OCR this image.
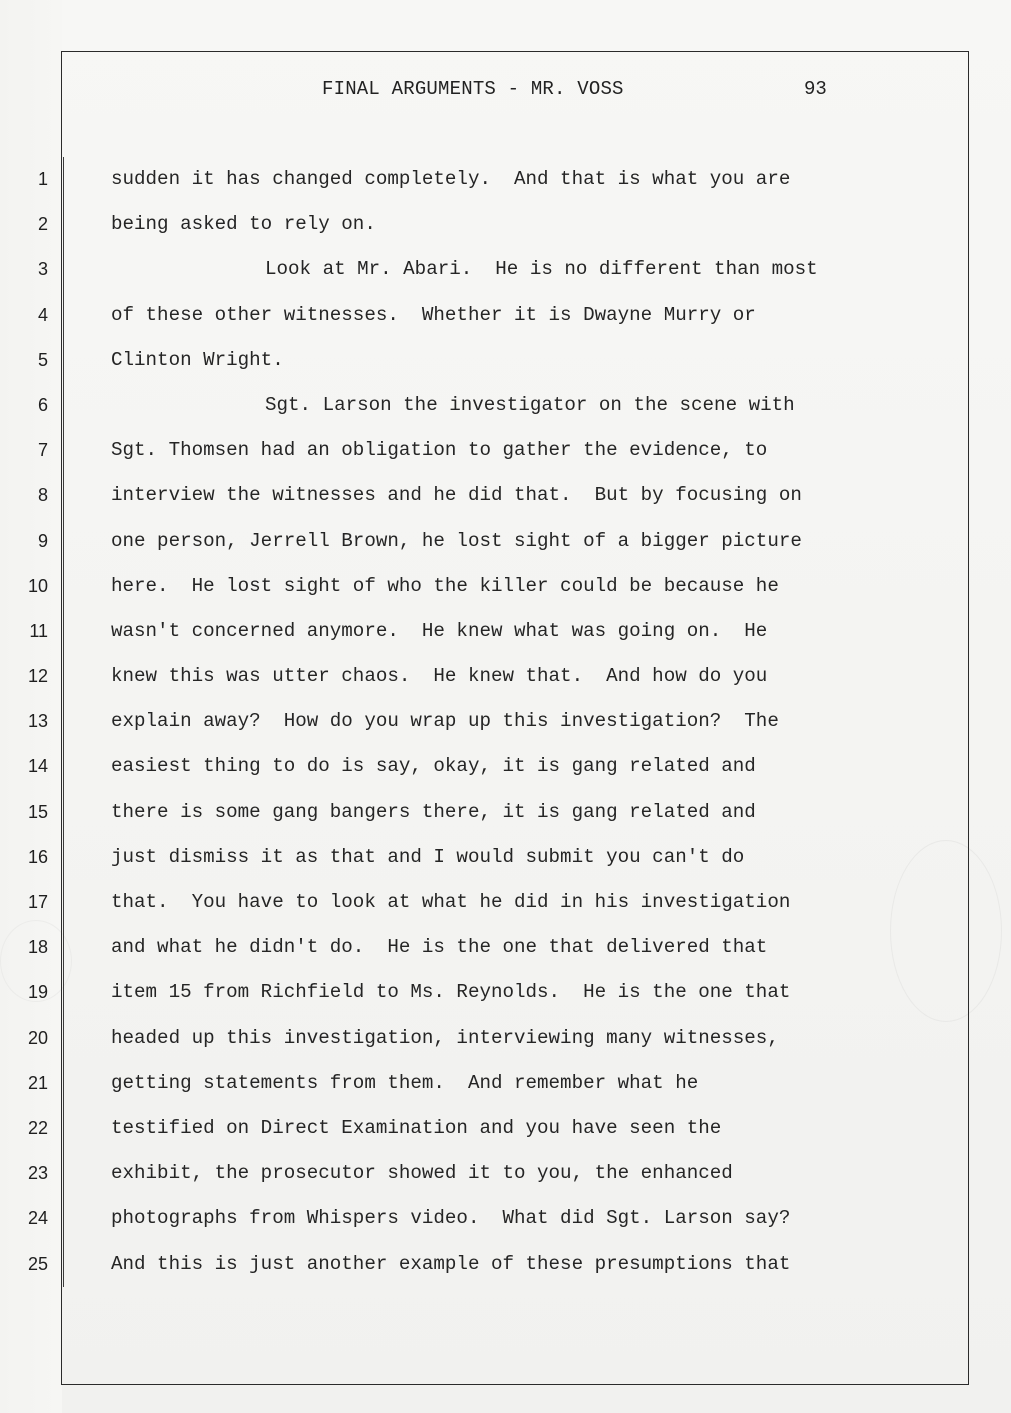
FINAL ARGUMENTS - MR. VOSS	93
1
2
3
4
5
6
7
8
9
10
11
12
13
14
15
16
17
18
19
20
21
22
23
24
25
sudden it has changed completely.  And that is what you are
being asked to rely on.
Look at Mr. Abari.  He is no different than most
of these other witnesses.  Whether it is Dwayne Murry or
Clinton Wright.
Sgt. Larson the investigator on the scene with
Sgt. Thomsen had an obligation to gather the evidence, to
interview the witnesses and he did that.  But by focusing on
one person, Jerrell Brown, he lost sight of a bigger picture
here.  He lost sight of who the killer could be because he
wasn't concerned anymore.  He knew what was going on.  He
knew this was utter chaos.  He knew that.  And how do you
explain away?  How do you wrap up this investigation?  The
easiest thing to do is say, okay, it is gang related and
there is some gang bangers there, it is gang related and
just dismiss it as that and I would submit you can't do
that.  You have to look at what he did in his investigation
and what he didn't do.  He is the one that delivered that
item 15 from Richfield to Ms. Reynolds.  He is the one that
headed up this investigation, interviewing many witnesses,
getting statements from them.  And remember what he
testified on Direct Examination and you have seen the
exhibit, the prosecutor showed it to you, the enhanced
photographs from Whispers video.  What did Sgt. Larson say?
And this is just another example of these presumptions that
